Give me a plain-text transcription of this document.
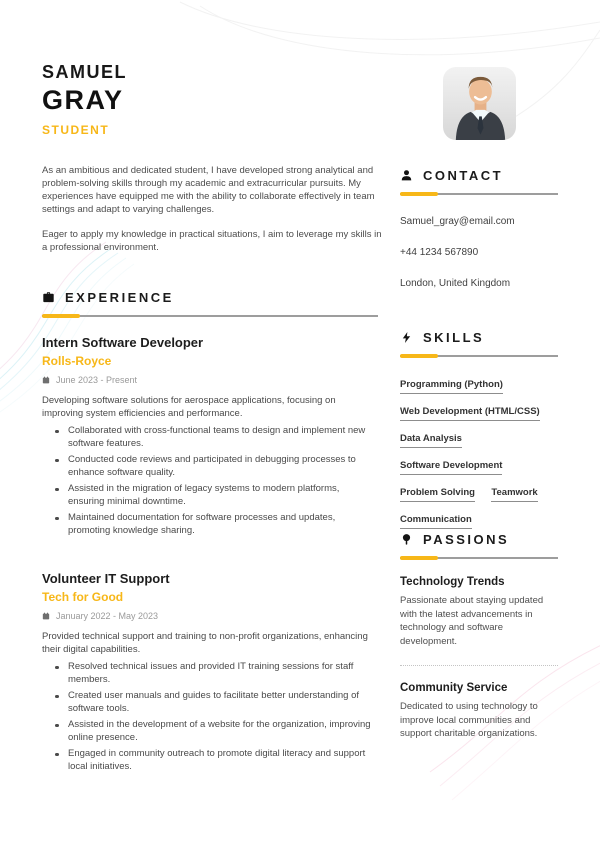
SAMUEL
GRAY
STUDENT

As an ambitious and dedicated student, I have developed strong analytical and problem-solving skills through my academic and extracurricular pursuits. My experiences have equipped me with the ability to collaborate effectively in team settings and adapt to varying challenges.

Eager to apply my knowledge in practical situations, I aim to leverage my skills in a professional environment.

EXPERIENCE
Intern Software Developer
Rolls-Royce
June 2023 - Present

Developing software solutions for aerospace applications, focusing on improving system efficiencies and performance.

Collaborated with cross-functional teams to design and implement new software features.
Conducted code reviews and participated in debugging processes to enhance software quality.
Assisted in the migration of legacy systems to modern platforms, ensuring minimal downtime.
Maintained documentation for software processes and updates, promoting knowledge sharing.
Volunteer IT Support
Tech for Good
January 2022 - May 2023

Provided technical support and training to non-profit organizations, enhancing their digital capabilities.

Resolved technical issues and provided IT training sessions for staff members.
Created user manuals and guides to facilitate better understanding of software tools.
Assisted in the development of a website for the organization, improving online presence.
Engaged in community outreach to promote digital literacy and support local initiatives.
CONTACT
Samuel_gray@email.com
+44 1234 567890
London, United Kingdom
SKILLS
Programming (Python) Web Development (HTML/CSS) Data Analysis Software Development Problem Solving Teamwork Communication
PASSIONS
Technology Trends

Passionate about staying updated with the latest advancements in technology and software development.

Community Service

Dedicated to using technology to improve local communities and support charitable organizations.
